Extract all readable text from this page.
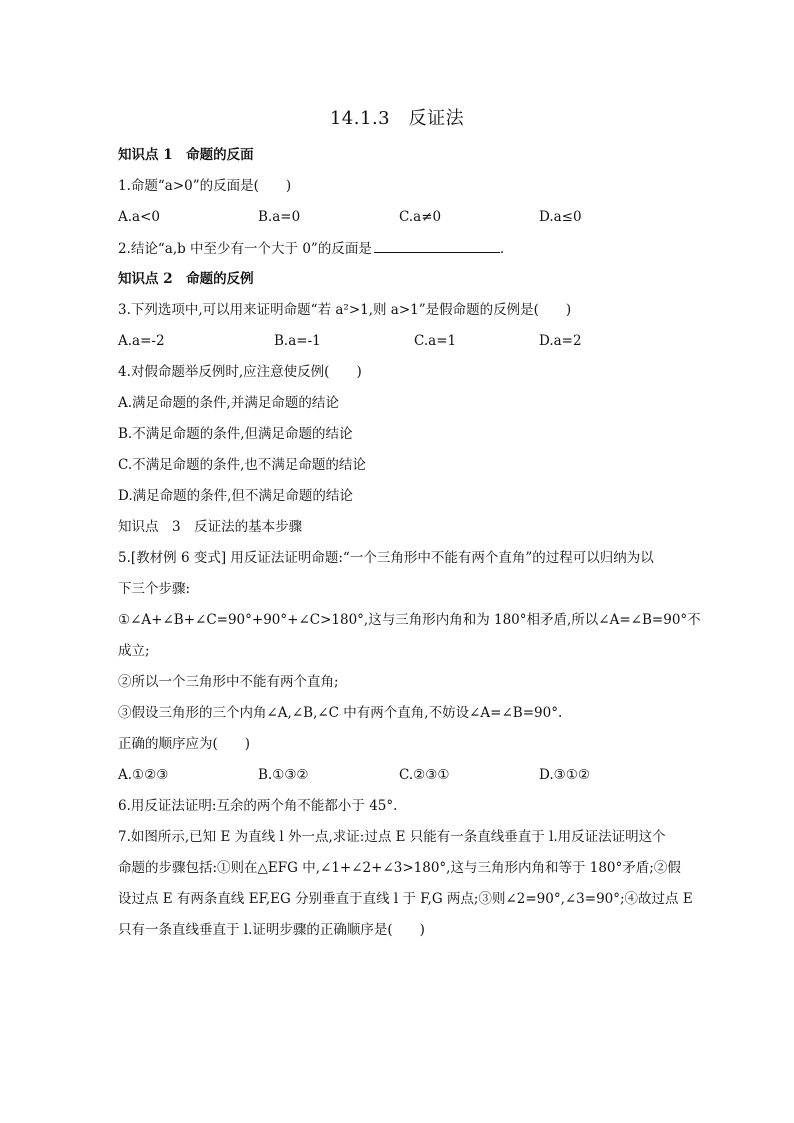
14.1.3　反证法
知识点 1　命题的反面
1.命题“a>0”的反面是(　　)
A.a<0	B.a=0	C.a≠0	D.a≤0
2.结论“a,b 中至少有一个大于 0”的反面是	.
知识点 2　命题的反例
3.下列选项中,可以用来证明命题“若 a²>1,则 a>1”是假命题的反例是(　　)
A.a=-2	B.a=-1	C.a=1	D.a=2
4.对假命题举反例时,应注意使反例(　　)
A.满足命题的条件,并满足命题的结论
B.不满足命题的条件,但满足命题的结论
C.不满足命题的条件,也不满足命题的结论
D.满足命题的条件,但不满足命题的结论
知识点　3　反证法的基本步骤
5.[教材例 6 变式] 用反证法证明命题:“一个三角形中不能有两个直角”的过程可以归纳为以
下三个步骤:
①∠A+∠B+∠C=90°+90°+∠C>180°,这与三角形内角和为 180°相矛盾,所以∠A=∠B=90°不
成立;
②所以一个三角形中不能有两个直角;
③假设三角形的三个内角∠A,∠B,∠C 中有两个直角,不妨设∠A=∠B=90°.
正确的顺序应为(　　)
A.①②③	B.①③②	C.②③①	D.③①②
6.用反证法证明:互余的两个角不能都小于 45°.
7.如图所示,已知 E 为直线 l 外一点,求证:过点 E 只能有一条直线垂直于 l.用反证法证明这个
命题的步骤包括:①则在△EFG 中,∠1+∠2+∠3>180°,这与三角形内角和等于 180°矛盾;②假
设过点 E 有两条直线 EF,EG 分别垂直于直线 l 于 F,G 两点;③则∠2=90°,∠3=90°;④故过点 E
只有一条直线垂直于 l.证明步骤的正确顺序是(　　)
